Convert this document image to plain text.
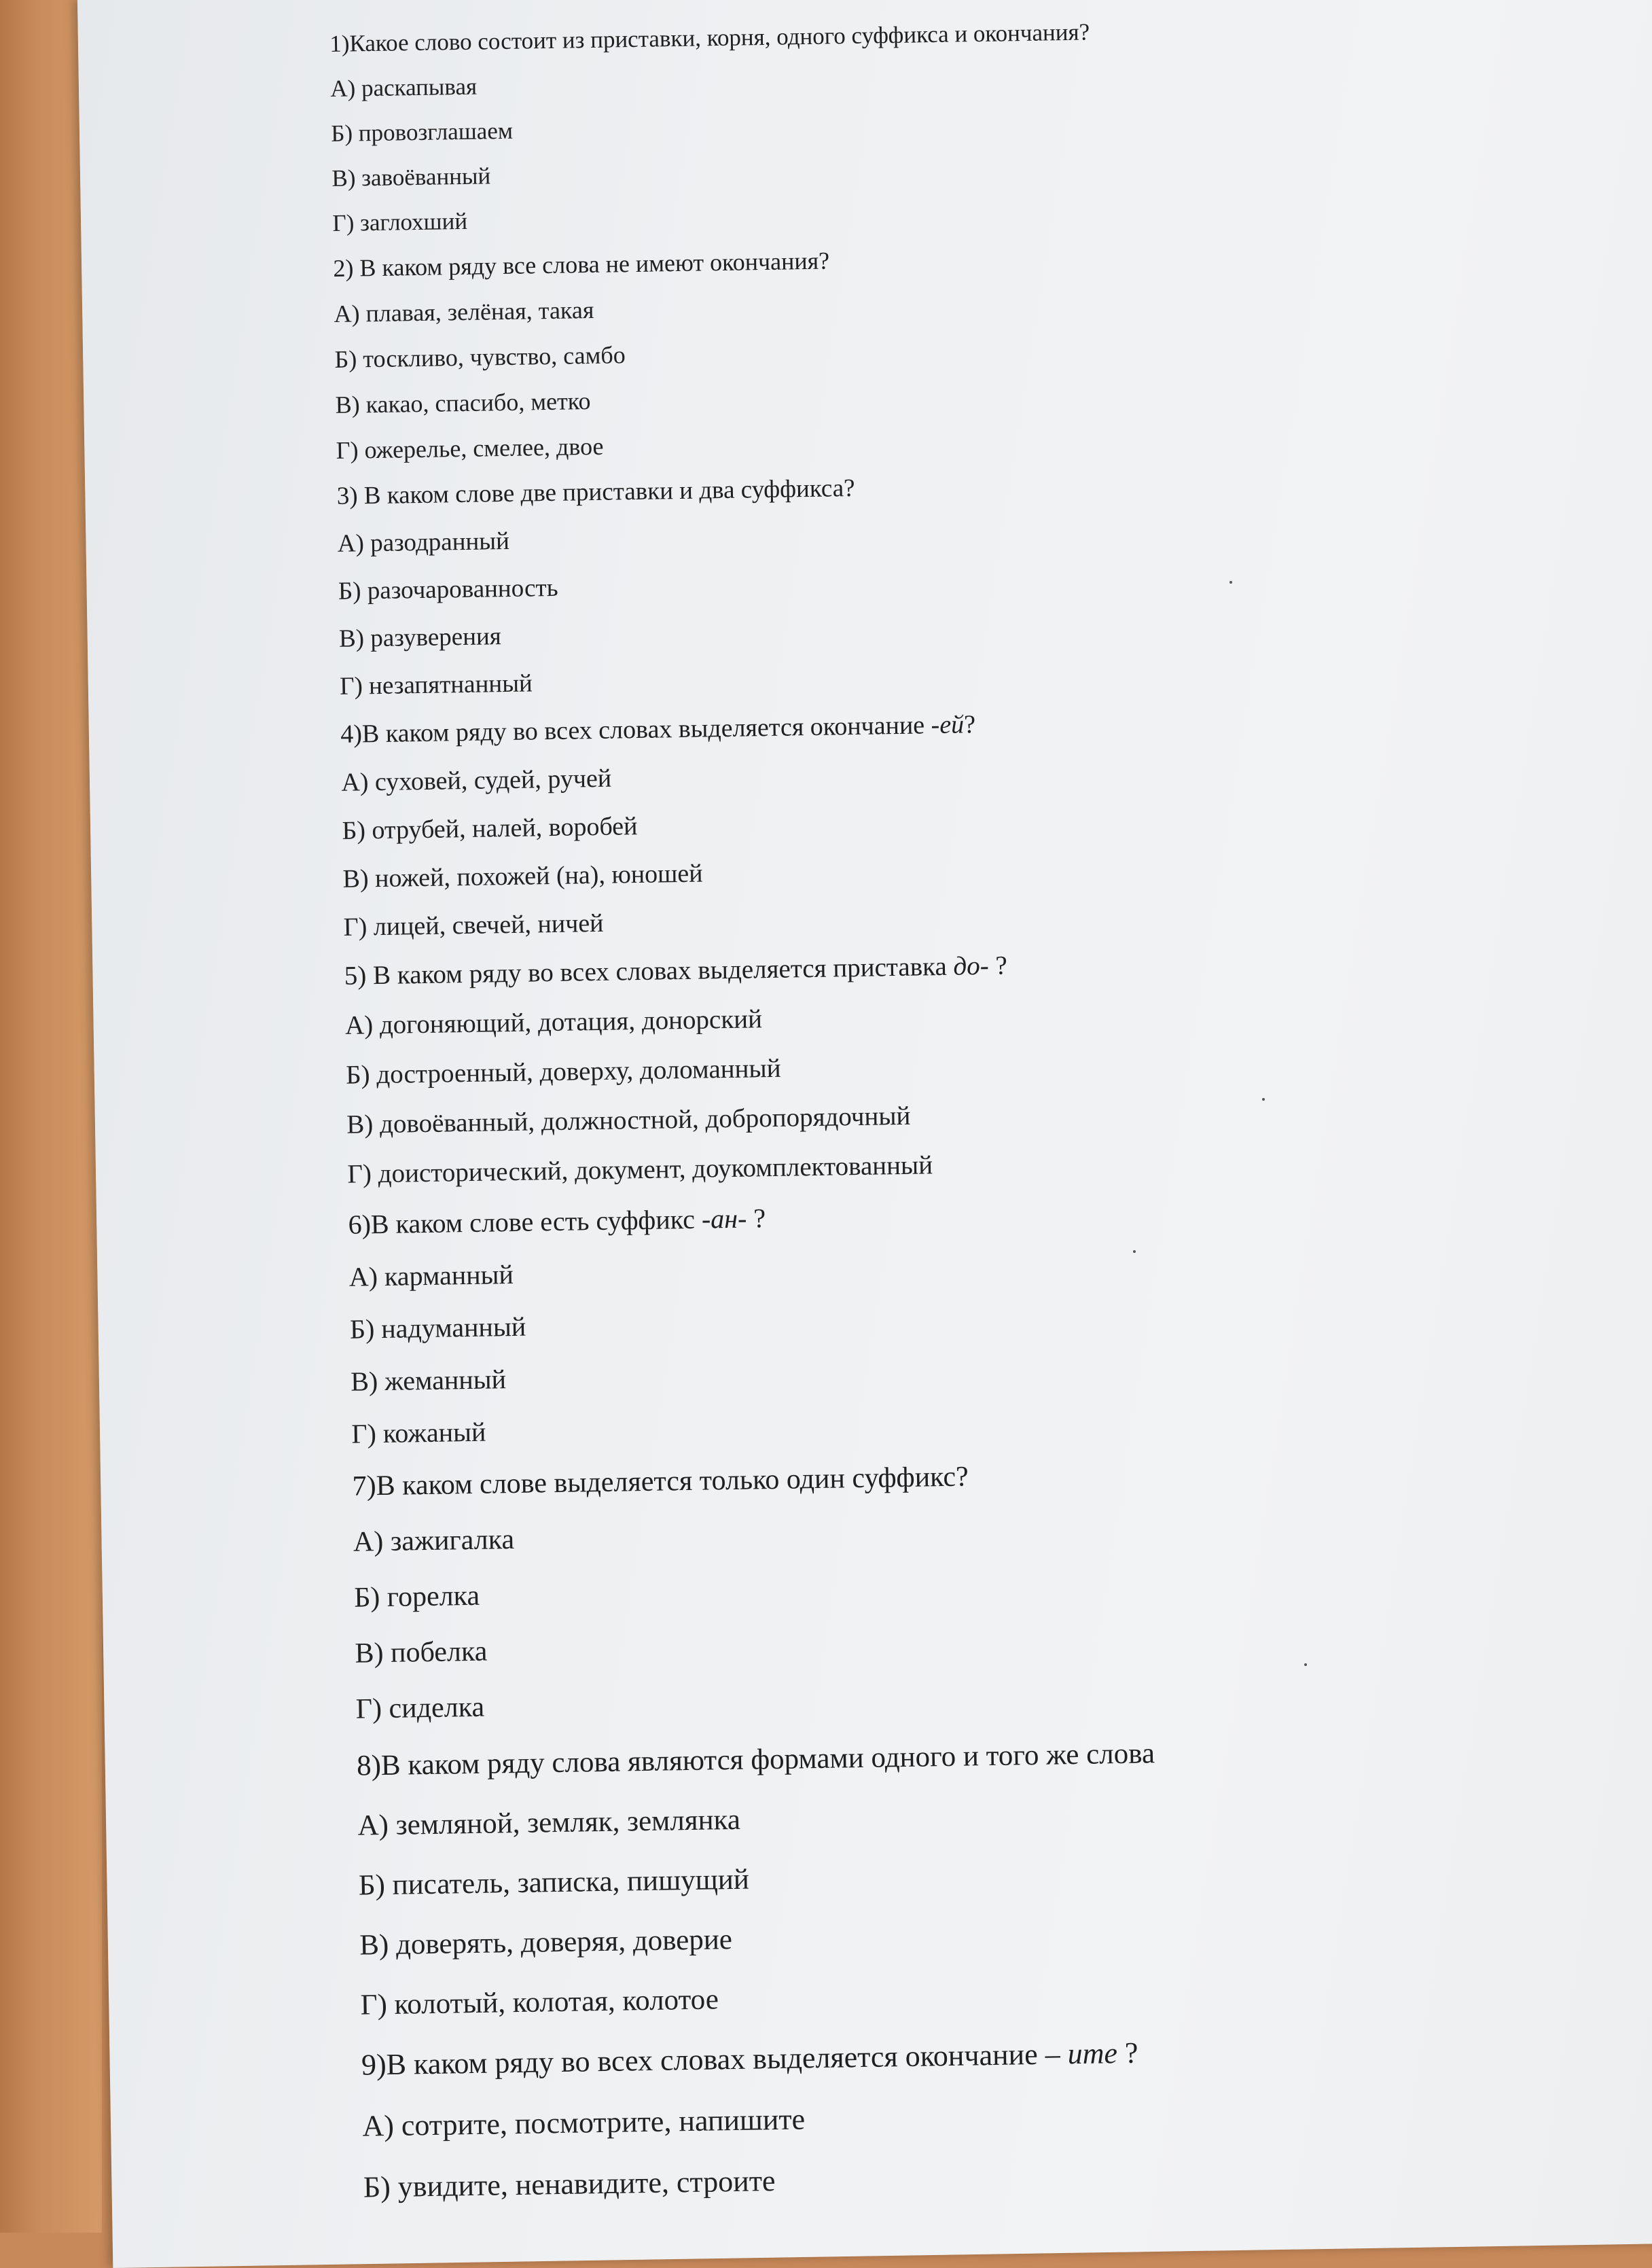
1)Какое слово состоит из приставки, корня, одного суффикса и окончания?

А) раскапывая

Б) провозглашаем

В) завоёванный

Г) заглохший

2) В каком ряду все слова не имеют окончания?

А) плавая, зелёная, такая

Б) тоскливо, чувство, самбо

В) какао, спасибо, метко

Г) ожерелье, смелее, двое

3) В каком слове две приставки и два суффикса?

А) разодранный

Б) разочарованность

В) разуверения

Г) незапятнанный

4)В каком ряду во всех словах выделяется окончание -ей?

А) суховей, судей, ручей

Б) отрубей, налей, воробей

В) ножей, похожей (на), юношей

Г) лицей, свечей, ничей

5) В каком ряду во всех словах выделяется приставка до- ?

А) догоняющий, дотация, донорский

Б) достроенный, доверху, доломанный

В) довоёванный, должностной, добропорядочный

Г) доисторический, документ, доукомплектованный

6)В каком слове есть суффикс -ан- ?

А) карманный

Б) надуманный

В) жеманный

Г) кожаный

7)В каком слове выделяется только один суффикс?

А) зажигалка

Б) горелка

В) побелка

Г) сиделка

8)В каком ряду слова являются формами одного и того же слова

А) земляной, земляк, землянка

Б) писатель, записка, пишущий

В) доверять, доверяя, доверие

Г) колотый, колотая, колотое

9)В каком ряду во всех словах выделяется окончание – ите ?

А) сотрите, посмотрите, напишите

Б) увидите, ненавидите, строите
